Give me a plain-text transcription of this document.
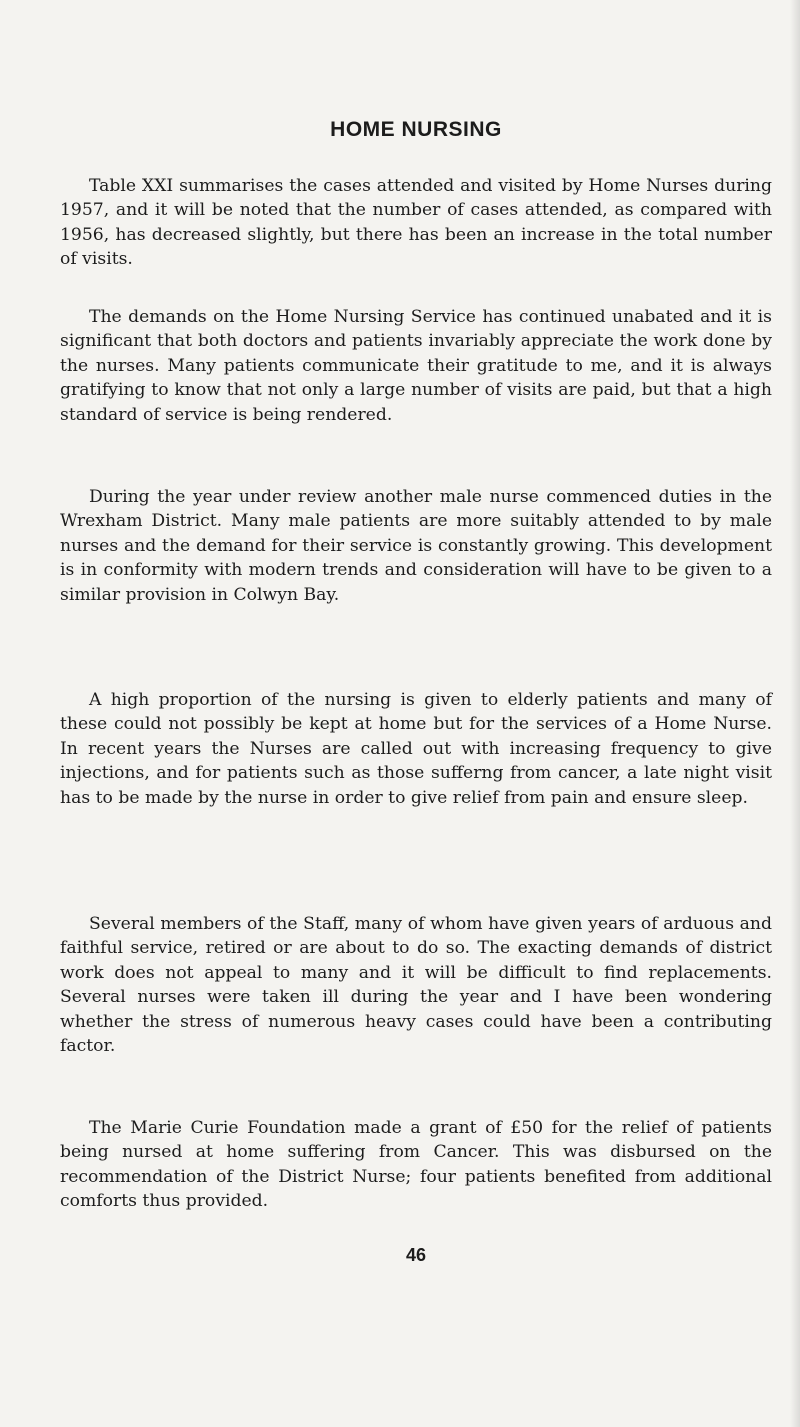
HOME NURSING

Table XXI summarises the cases attended and visited by Home Nurses during 1957, and it will be noted that the number of cases attended, as compared with 1956, has decreased slightly, but there has been an increase in the total number of visits.

The demands on the Home Nursing Service has continued unabated and it is significant that both doctors and patients invariably appreciate the work done by the nurses. Many patients communicate their gratitude to me, and it is always gratifying to know that not only a large number of visits are paid, but that a high standard of service is being rendered.

During the year under review another male nurse commenced duties in the Wrexham District. Many male patients are more suitably attended to by male nurses and the demand for their service is constantly growing. This development is in conformity with modern trends and consideration will have to be given to a similar provision in Colwyn Bay.

A high proportion of the nursing is given to elderly patients and many of these could not possibly be kept at home but for the services of a Home Nurse. In recent years the Nurses are called out with increasing frequency to give injections, and for patients such as those sufferng from cancer, a late night visit has to be made by the nurse in order to give relief from pain and ensure sleep.

Several members of the Staff, many of whom have given years of arduous and faithful service, retired or are about to do so. The exacting demands of district work does not appeal to many and it will be difficult to find replacements. Several nurses were taken ill during the year and I have been wondering whether the stress of numerous heavy cases could have been a contributing factor.

The Marie Curie Foundation made a grant of £50 for the relief of patients being nursed at home suffering from Cancer. This was disbursed on the recommendation of the District Nurse; four patients benefited from additional comforts thus provided.

46
